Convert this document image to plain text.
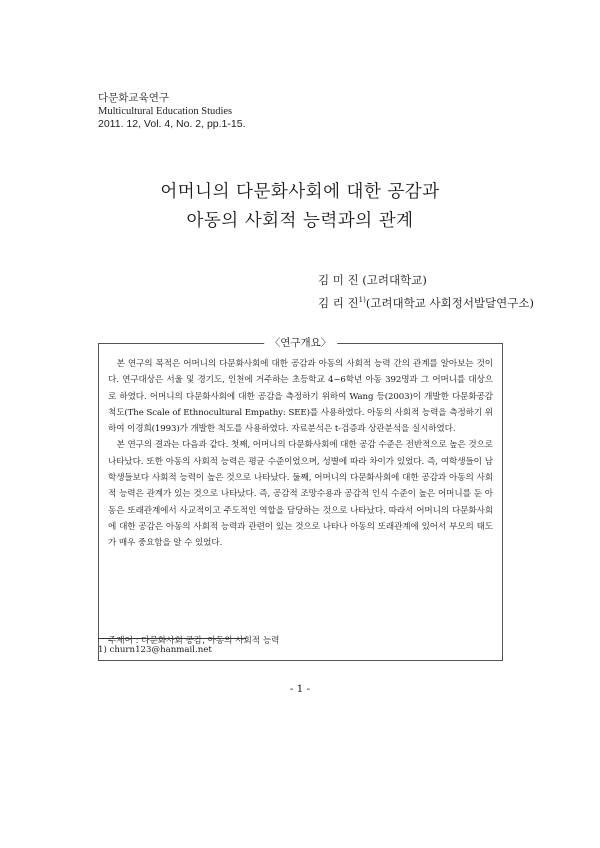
다문화교육연구
Multicultural Education Studies
2011. 12, Vol. 4, No. 2, pp.1-15.
어머니의 다문화사회에 대한 공감과
아동의 사회적 능력과의 관계
김 미 진 (고려대학교)
김 리 진$^{1)}$(고려대학교 사회정서발달연구소)
〈연구개요〉

본 연구의 목적은 어머니의 다문화사회에 대한 공감과 아동의 사회적 능력 간의 관계를 알아보는 것이다. 연구대상은 서울 및 경기도, 인천에 거주하는 초등학교 4~6학년 아동 392명과 그 어머니를 대상으로 하였다. 어머니의 다문화사회에 대한 공감을 측정하기 위하여 Wang 등(2003)이 개발한 다문화공감 척도(The Scale of Ethnocultural Empathy: SEE)를 사용하였다. 아동의 사회적 능력을 측정하기 위하여 이경희(1993)가 개발한 척도를 사용하였다. 자료분석은 t-검증과 상관분석을 실시하였다.

본 연구의 결과는 다음과 같다. 첫째, 어머니의 다문화사회에 대한 공감 수준은 전반적으로 높은 것으로 나타났다. 또한 아동의 사회적 능력은 평균 수준이었으며, 성별에 따라 차이가 있었다. 즉, 여학생들이 남학생들보다 사회적 능력이 높은 것으로 나타났다. 둘째, 어머니의 다문화사회에 대한 공감과 아동의 사회적 능력은 관계가 있는 것으로 나타났다. 즉, 공감적 조망수용과 공감적 인식 수준이 높은 어머니를 둔 아동은 또래관계에서 사교적이고 주도적인 역할을 담당하는 것으로 나타났다. 따라서 어머니의 다문화사회에 대한 공감은 아동의 사회적 능력과 관련이 있는 것으로 나타나 아동의 또래관계에 있어서 부모의 태도가 매우 중요함을 알 수 있었다.

주제어 : 다문화사회 공감, 아동의 사회적 능력
1) churn123@hanmail.net
- 1 -
